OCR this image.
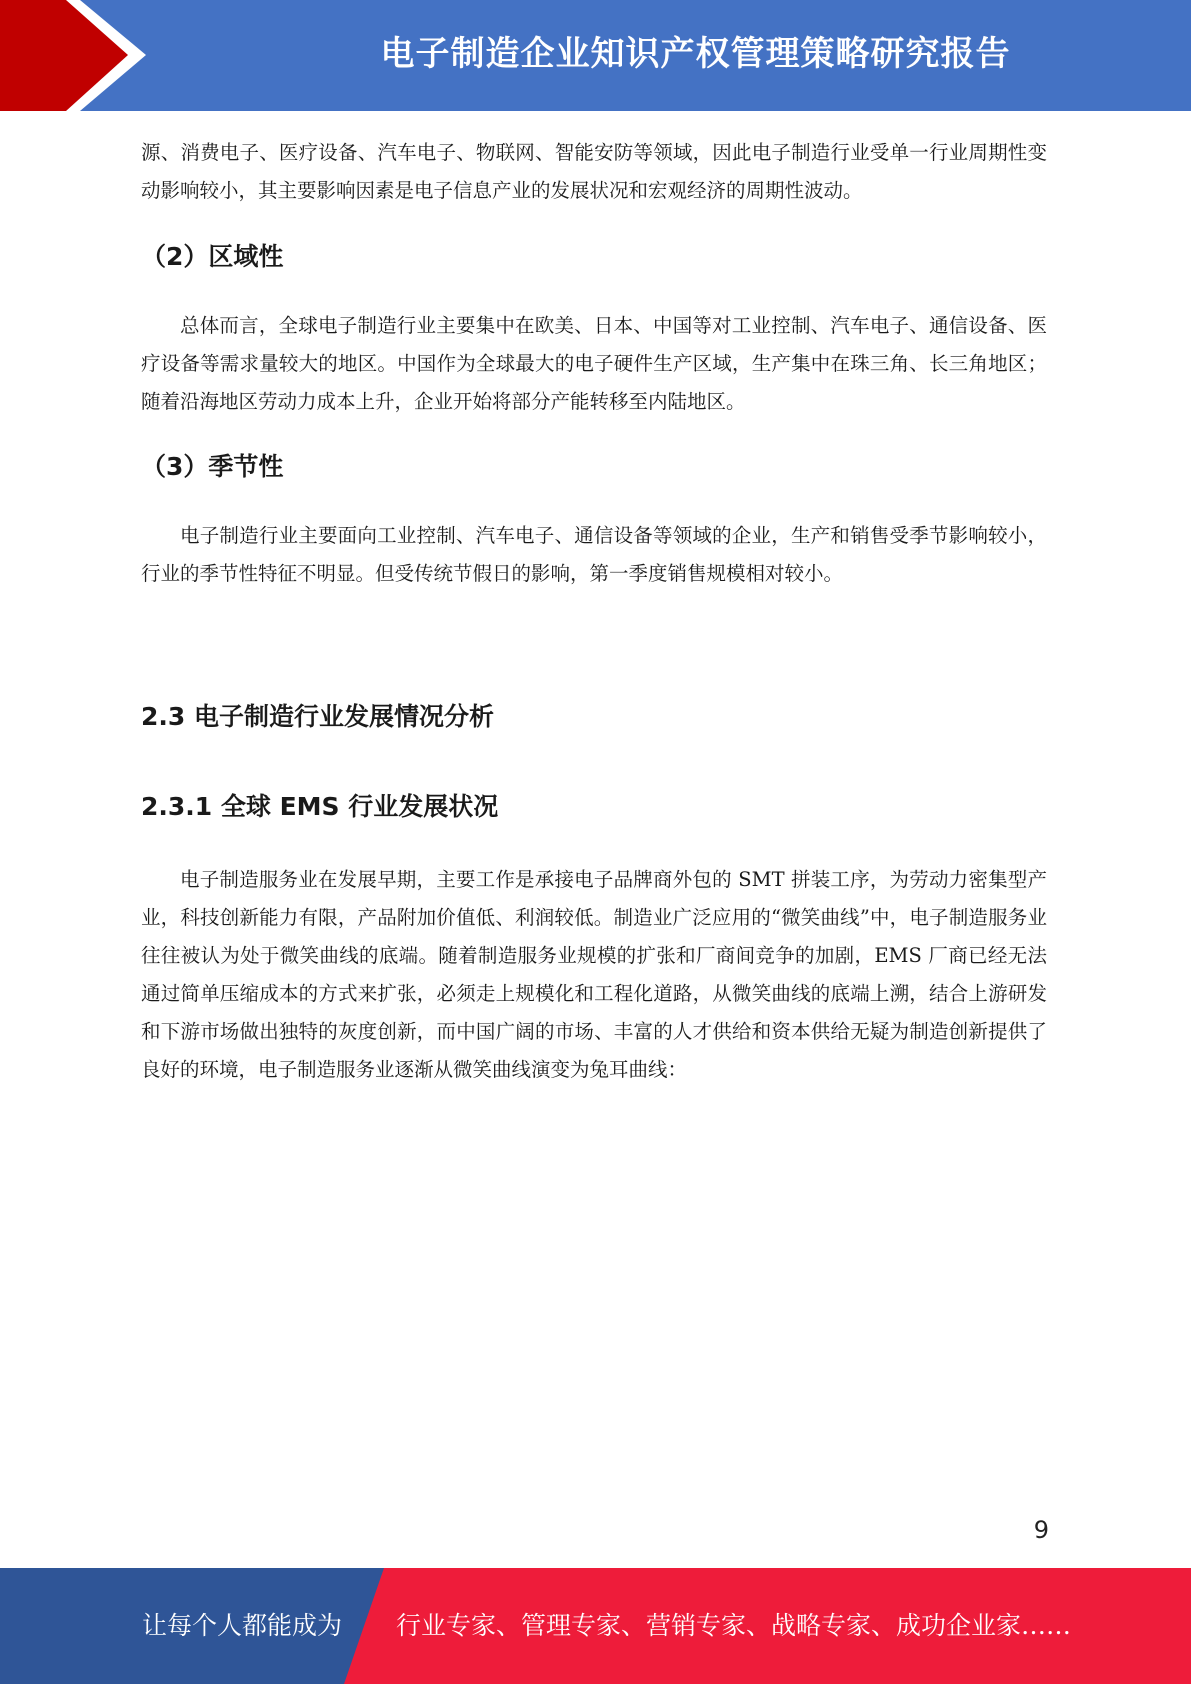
电子制造企业知识产权管理策略研究报告

源、消费电子、医疗设备、汽车电子、物联网、智能安防等领域，因此电子制造行业受单一行业周期性变动影响较小，其主要影响因素是电子信息产业的发展状况和宏观经济的周期性波动。

（2）区域性

总体而言，全球电子制造行业主要集中在欧美、日本、中国等对工业控制、汽车电子、通信设备、医疗设备等需求量较大的地区。中国作为全球最大的电子硬件生产区域，生产集中在珠三角、长三角地区；随着沿海地区劳动力成本上升，企业开始将部分产能转移至内陆地区。

（3）季节性

电子制造行业主要面向工业控制、汽车电子、通信设备等领域的企业，生产和销售受季节影响较小，行业的季节性特征不明显。但受传统节假日的影响，第一季度销售规模相对较小。

2.3 电子制造行业发展情况分析
2.3.1 全球 EMS 行业发展状况

电子制造服务业在发展早期，主要工作是承接电子品牌商外包的 SMT 拼装工序，为劳动力密集型产业，科技创新能力有限，产品附加价值低、利润较低。制造业广泛应用的“微笑曲线”中，电子制造服务业往往被认为处于微笑曲线的底端。随着制造服务业规模的扩张和厂商间竞争的加剧，EMS 厂商已经无法通过简单压缩成本的方式来扩张，必须走上规模化和工程化道路，从微笑曲线的底端上溯，结合上游研发和下游市场做出独特的灰度创新，而中国广阔的市场、丰富的人才供给和资本供给无疑为制造创新提供了良好的环境，电子制造服务业逐渐从微笑曲线演变为兔耳曲线：

9
让每个人都能成为 行业专家、管理专家、营销专家、战略专家、成功企业家……
